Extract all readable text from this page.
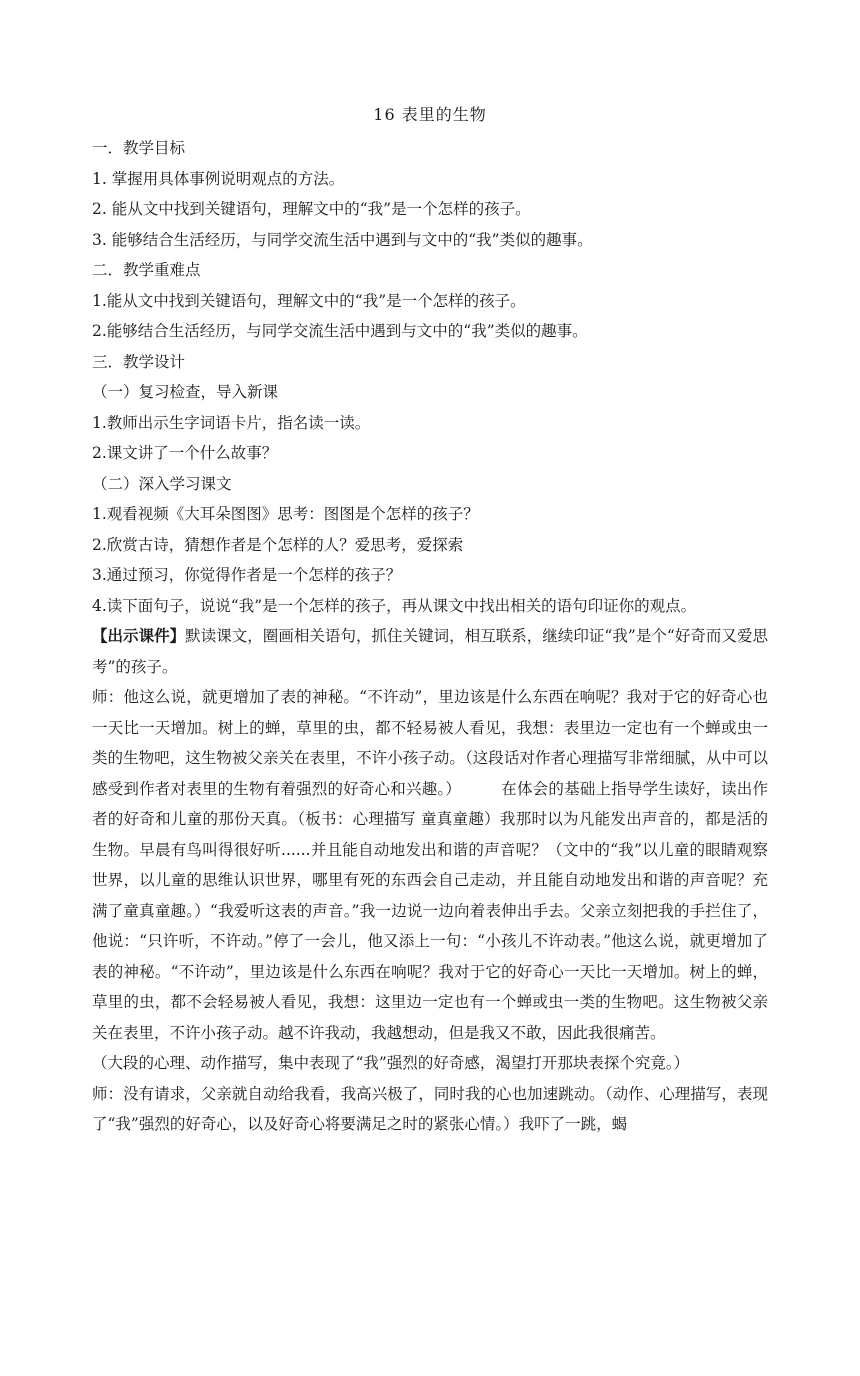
16 表里的生物

一．教学目标

1. 掌握用具体事例说明观点的方法。

2. 能从文中找到关键语句，理解文中的“我”是一个怎样的孩子。

3. 能够结合生活经历，与同学交流生活中遇到与文中的“我”类似的趣事。

二．教学重难点

1.能从文中找到关键语句，理解文中的“我”是一个怎样的孩子。

2.能够结合生活经历，与同学交流生活中遇到与文中的“我”类似的趣事。

三．教学设计

（一）复习检查，导入新课

1.教师出示生字词语卡片，指名读一读。

2.课文讲了一个什么故事？

（二）深入学习课文

1.观看视频《大耳朵图图》思考：图图是个怎样的孩子？

2.欣赏古诗，猜想作者是个怎样的人？爱思考，爱探索

3.通过预习，你觉得作者是一个怎样的孩子？

4.读下面句子，说说“我”是一个怎样的孩子，再从课文中找出相关的语句印证你的观点。

【出示课件】默读课文，圈画相关语句，抓住关键词，相互联系，继续印证“我”是个“好奇而又爱思考”的孩子。

师：他这么说，就更增加了表的神秘。“不许动”，里边该是什么东西在响呢？我对于它的好奇心也一天比一天增加。树上的蝉，草里的虫，都不轻易被人看见，我想：表里边一定也有一个蝉或虫一类的生物吧，这生物被父亲关在表里，不许小孩子动。（这段话对作者心理描写非常细腻，从中可以感受到作者对表里的生物有着强烈的好奇心和兴趣。）	在体会的基础上指导学生读好，读出作者的好奇和儿童的那份天真。（板书：心理描写 童真童趣）我那时以为凡能发出声音的，都是活的生物。早晨有鸟叫得很好听......并且能自动地发出和谐的声音呢？（文中的“我”以儿童的眼睛观察世界，以儿童的思维认识世界，哪里有死的东西会自己走动，并且能自动地发出和谐的声音呢？充满了童真童趣。）“我爱听这表的声音。”我一边说一边向着表伸出手去。父亲立刻把我的手拦住了，他说：“只许听，不许动。”停了一会儿，他又添上一句：“小孩儿不许动表。”他这么说，就更增加了表的神秘。“不许动”，里边该是什么东西在响呢？我对于它的好奇心一天比一天增加。树上的蝉，草里的虫，都不会轻易被人看见，我想：这里边一定也有一个蝉或虫一类的生物吧。这生物被父亲关在表里，不许小孩子动。越不许我动，我越想动，但是我又不敢，因此我很痛苦。

（大段的心理、动作描写，集中表现了“我”强烈的好奇感，渴望打开那块表探个究竟。）

师：没有请求，父亲就自动给我看，我高兴极了，同时我的心也加速跳动。（动作、心理描写，表现了“我”强烈的好奇心，以及好奇心将要满足之时的紧张心情。）我吓了一跳，蝎
